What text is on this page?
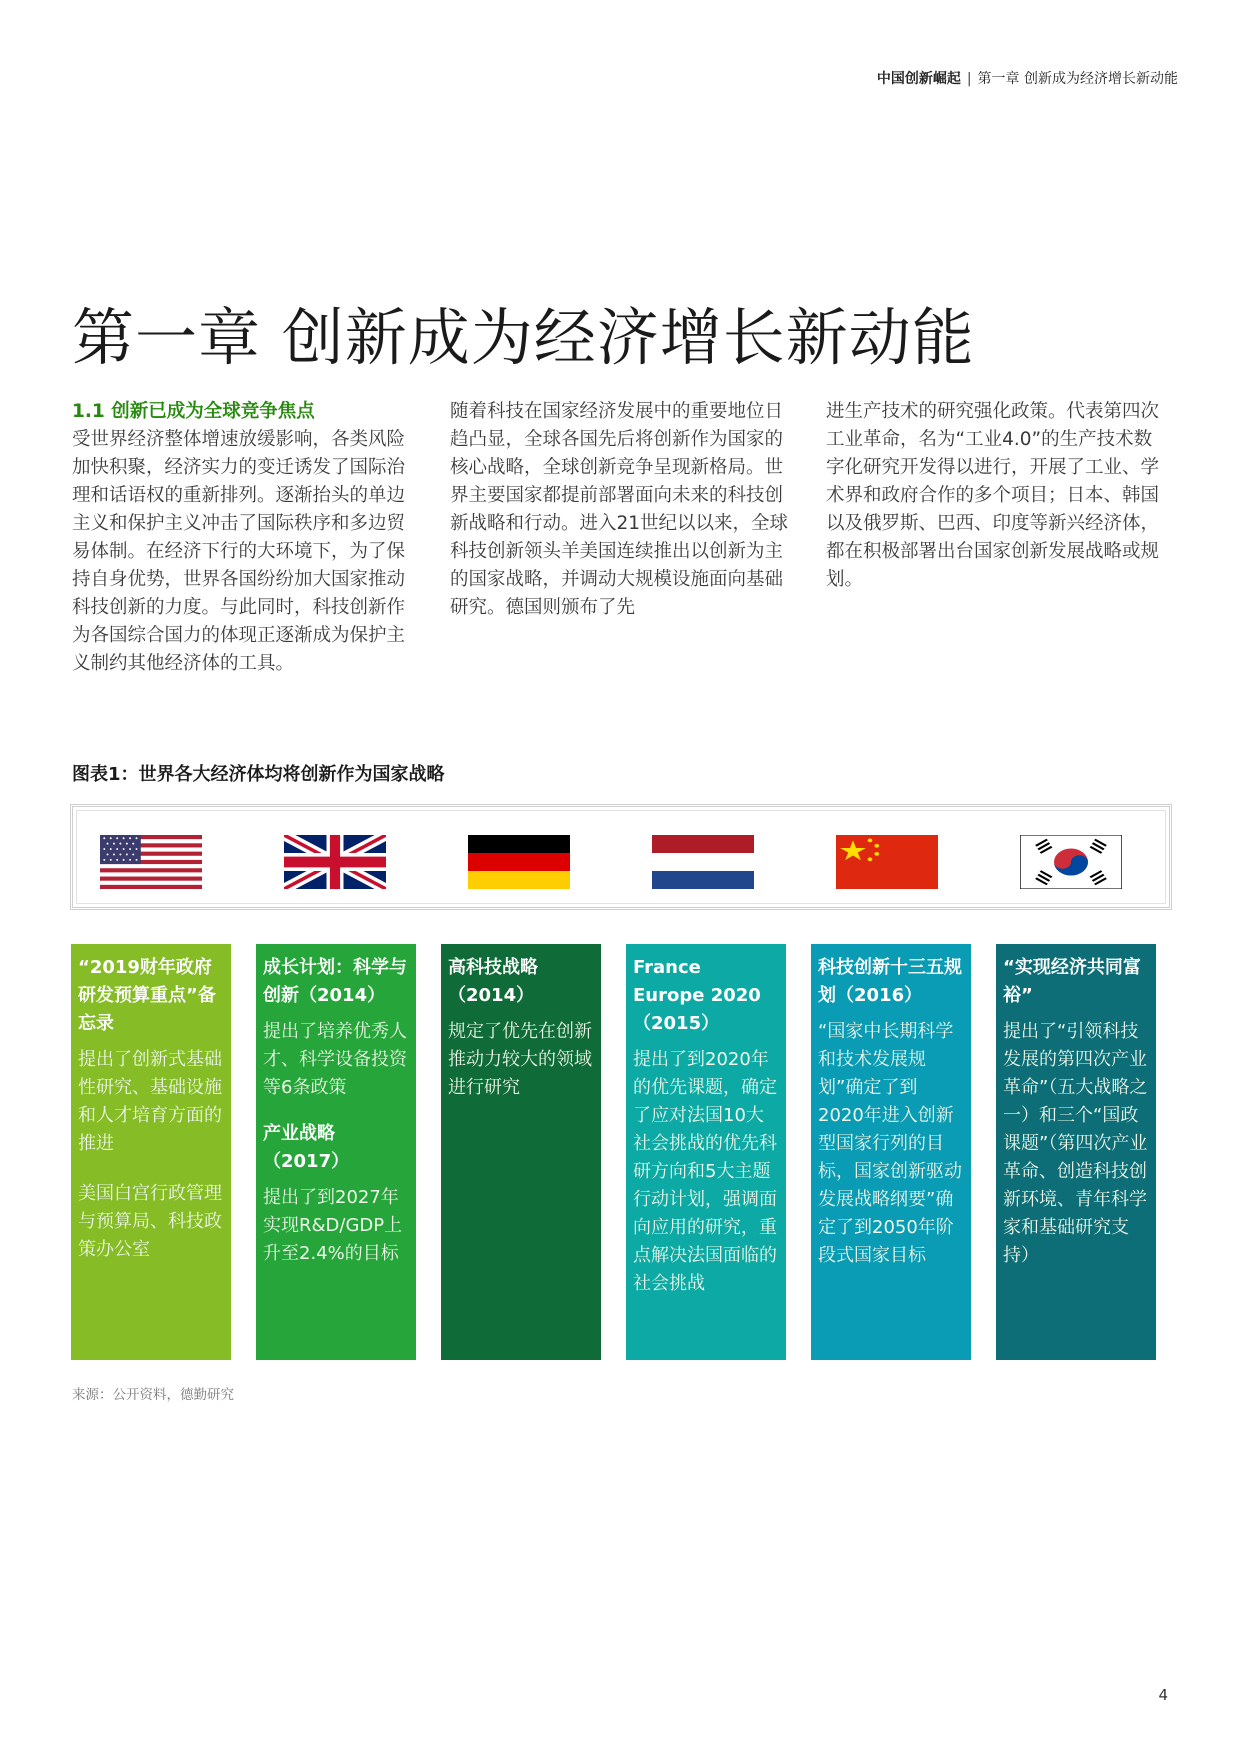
中国创新崛起 | 第一章 创新成为经济增长新动能
第一章 创新成为经济增长新动能
1.1 创新已成为全球竞争焦点
受世界经济整体增速放缓影响，各类风险加快积聚，经济实力的变迁诱发了国际治理和话语权的重新排列。逐渐抬头的单边主义和保护主义冲击了国际秩序和多边贸易体制。在经济下行的大环境下，为了保持自身优势，世界各国纷纷加大国家推动科技创新的力度。与此同时，科技创新作为各国综合国力的体现正逐渐成为保护主义制约其他经济体的工具。
随着科技在国家经济发展中的重要地位日趋凸显，全球各国先后将创新作为国家的核心战略，全球创新竞争呈现新格局。世界主要国家都提前部署面向未来的科技创新战略和行动。进入21世纪以以来，全球科技创新领头羊美国连续推出以创新为主的国家战略，并调动大规模设施面向基础研究。德国则颁布了先
进生产技术的研究强化政策。代表第四次工业革命，名为“工业4.0”的生产技术数字化研究开发得以进行，开展了工业、学术界和政府合作的多个项目；日本、韩国以及俄罗斯、巴西、印度等新兴经济体，都在积极部署出台国家创新发展战略或规划。
图表1：世界各大经济体均将创新作为国家战略
“2019财年政府研发预算重点”备忘录
提出了创新式基础性研究、基础设施和人才培育方面的推进
美国白宫行政管理与预算局、科技政策办公室
成长计划：科学与创新（2014）
提出了培养优秀人才、科学设备投资等6条政策
产业战略（2017）
提出了到2027年实现R&D/GDP上升至2.4%的目标
高科技战略（2014）
规定了优先在创新推动力较大的领域进行研究
France Europe 2020（2015）
提出了到2020年的优先课题，确定了应对法国10大社会挑战的优先科研方向和5大主题行动计划，强调面向应用的研究，重点解决法国面临的社会挑战
科技创新十三五规划（2016）
“国家中长期科学和技术发展规划”确定了到2020年进入创新型国家行列的目标，国家创新驱动发展战略纲要”确定了到2050年阶段式国家目标
“实现经济共同富裕”
提出了“引领科技发展的第四次产业革命”（五大战略之一）和三个“国政课题”（第四次产业革命、创造科技创新环境、青年科学家和基础研究支持）
来源：公开资料，德勤研究
4
